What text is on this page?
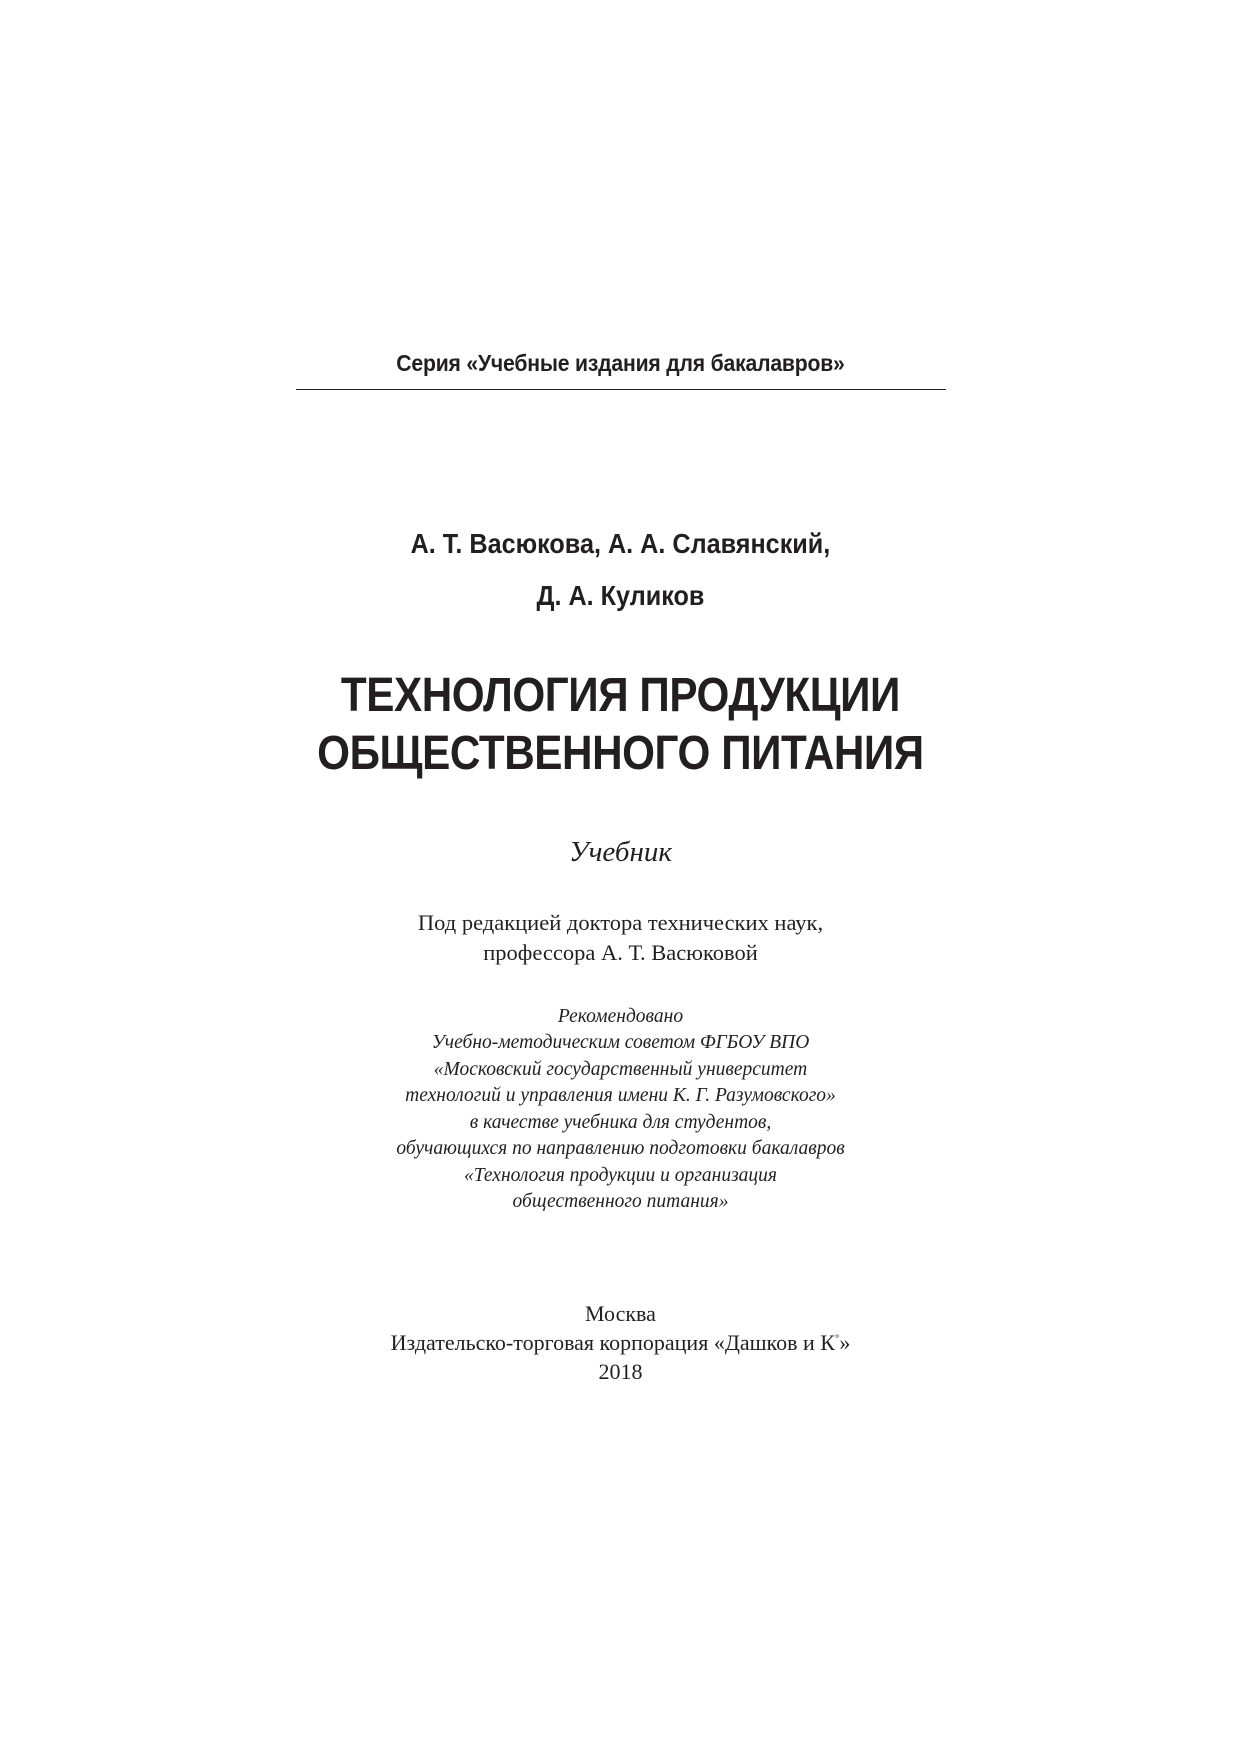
Серия «Учебные издания для бакалавров»

А. Т. Васюкова, А. А. Славянский,

Д. А. Куликов

ТЕХНОЛОГИЯ ПРОДУКЦИИ

ОБЩЕСТВЕННОГО ПИТАНИЯ

Учебник

Под редакцией доктора технических наук,

профессора А. Т. Васюковой

Рекомендовано

Учебно-методическим советом ФГБОУ ВПО

«Московский государственный университет

технологий и управления имени К. Г. Разумовского»

в качестве учебника для студентов,

обучающихся по направлению подготовки бакалавров

«Технология продукции и организация

общественного питания»

Москва

Издательско-торговая корпорация «Дашков и К°»

2018
